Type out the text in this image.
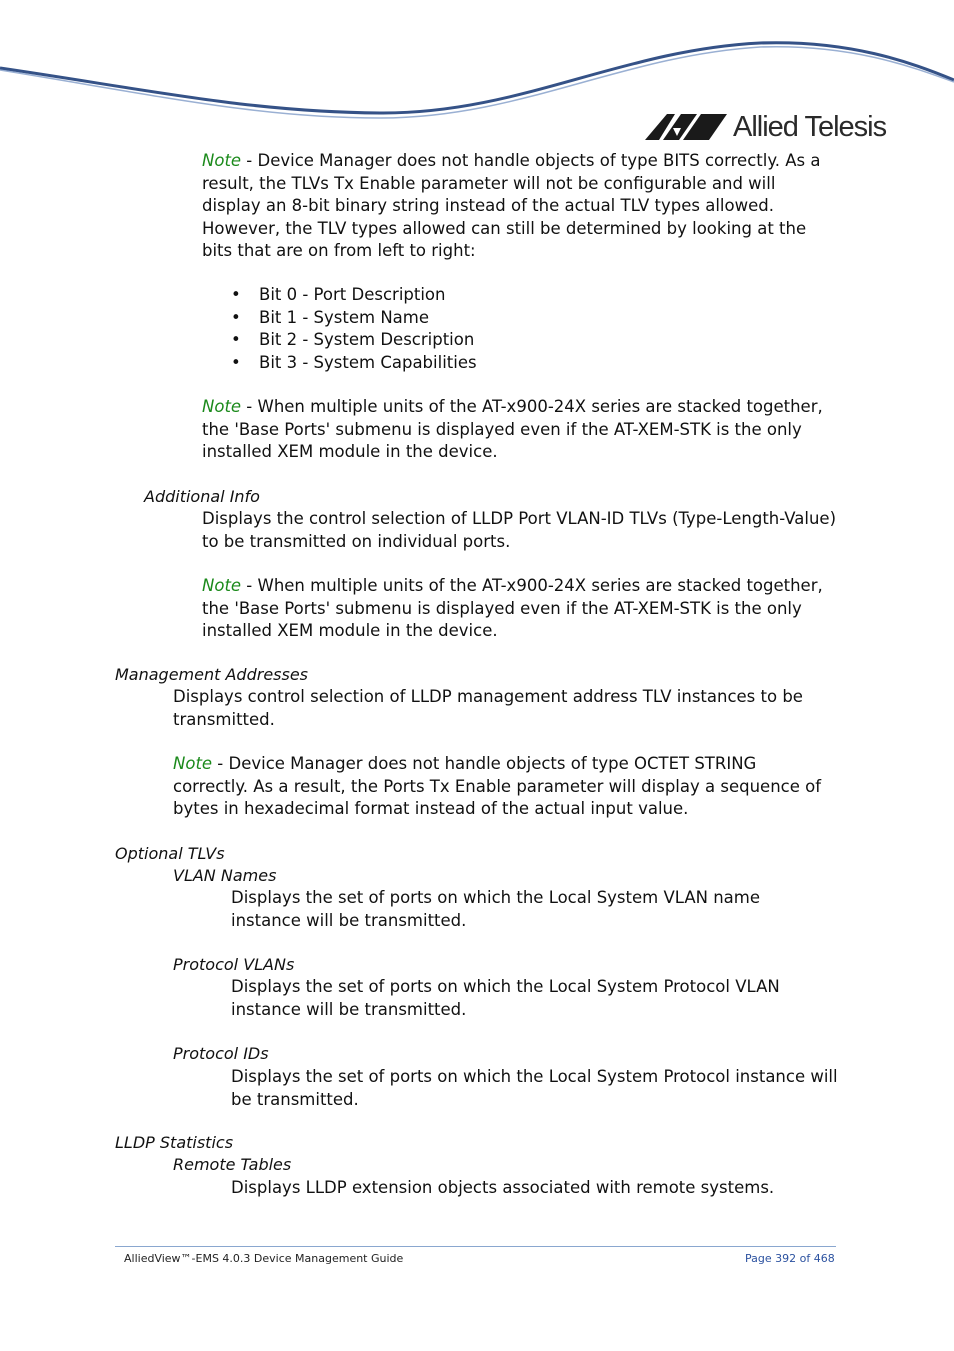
Allied Telesis

Note - Device Manager does not handle objects of type BITS correctly. As a result, the TLVs Tx Enable parameter will not be configurable and will display an 8-bit binary string instead of the actual TLV types allowed. However, the TLV types allowed can still be determined by looking at the bits that are on from left to right:

• Bit 0 - Port Description
• Bit 1 - System Name
• Bit 2 - System Description
• Bit 3 - System Capabilities

Note - When multiple units of the AT-x900-24X series are stacked together, the 'Base Ports' submenu is displayed even if the AT-XEM-STK is the only installed XEM module in the device.

Additional Info

Displays the control selection of LLDP Port VLAN-ID TLVs (Type-Length-Value) to be transmitted on individual ports.

Note - When multiple units of the AT-x900-24X series are stacked together, the 'Base Ports' submenu is displayed even if the AT-XEM-STK is the only installed XEM module in the device.

Management Addresses

Displays control selection of LLDP management address TLV instances to be transmitted.

Note - Device Manager does not handle objects of type OCTET STRING correctly. As a result, the Ports Tx Enable parameter will display a sequence of bytes in hexadecimal format instead of the actual input value.

Optional TLVs
VLAN Names

Displays the set of ports on which the Local System VLAN name instance will be transmitted.

Protocol VLANs

Displays the set of ports on which the Local System Protocol VLAN instance will be transmitted.

Protocol IDs

Displays the set of ports on which the Local System Protocol instance will be transmitted.

LLDP Statistics
Remote Tables

Displays LLDP extension objects associated with remote systems.

AlliedView™-EMS 4.0.3 Device Management Guide	Page 392 of 468
